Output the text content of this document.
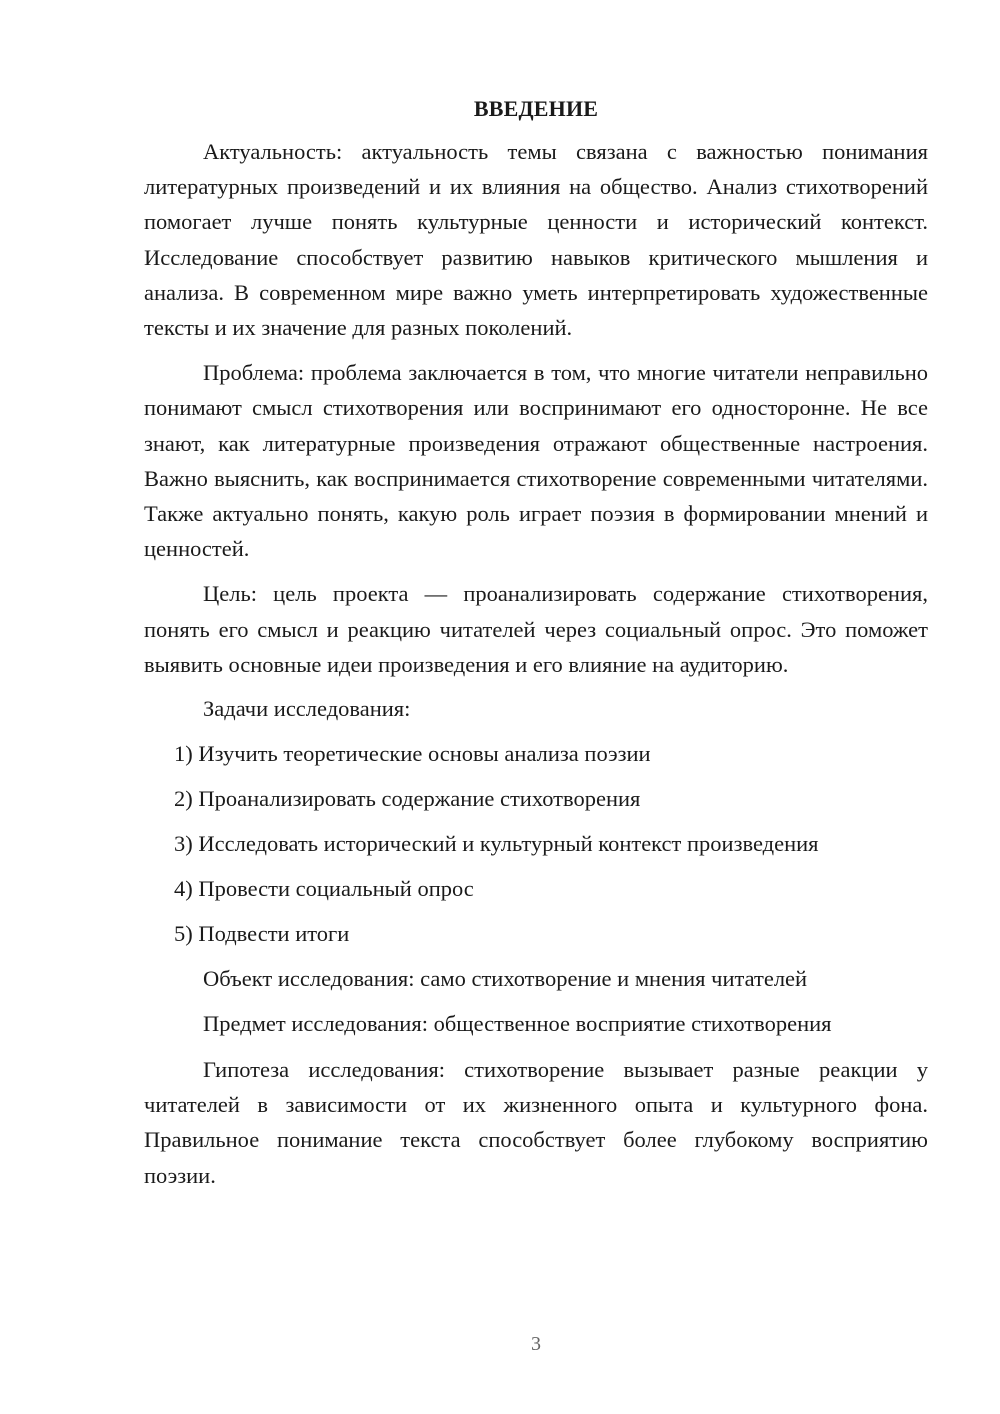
ВВЕДЕНИЕ

Актуальность: актуальность темы связана с важностью понимания литературных произведений и их влияния на общество. Анализ стихотворений помогает лучше понять культурные ценности и исторический контекст. Исследование способствует развитию навыков критического мышления и анализа. В современном мире важно уметь интерпретировать художественные тексты и их значение для разных поколений.

Проблема: проблема заключается в том, что многие читатели неправильно понимают смысл стихотворения или воспринимают его односторонне. Не все знают, как литературные произведения отражают общественные настроения. Важно выяснить, как воспринимается стихотворение современными читателями. Также актуально понять, какую роль играет поэзия в формировании мнений и ценностей.

Цель: цель проекта — проанализировать содержание стихотворения, понять его смысл и реакцию читателей через социальный опрос. Это поможет выявить основные идеи произведения и его влияние на аудиторию.

Задачи исследования:

1) Изучить теоретические основы анализа поэзии
2) Проанализировать содержание стихотворения
3) Исследовать исторический и культурный контекст произведения
4) Провести социальный опрос
5) Подвести итоги

Объект исследования: само стихотворение и мнения читателей

Предмет исследования: общественное восприятие стихотворения

Гипотеза исследования: стихотворение вызывает разные реакции у читателей в зависимости от их жизненного опыта и культурного фона. Правильное понимание текста способствует более глубокому восприятию поэзии.

3
